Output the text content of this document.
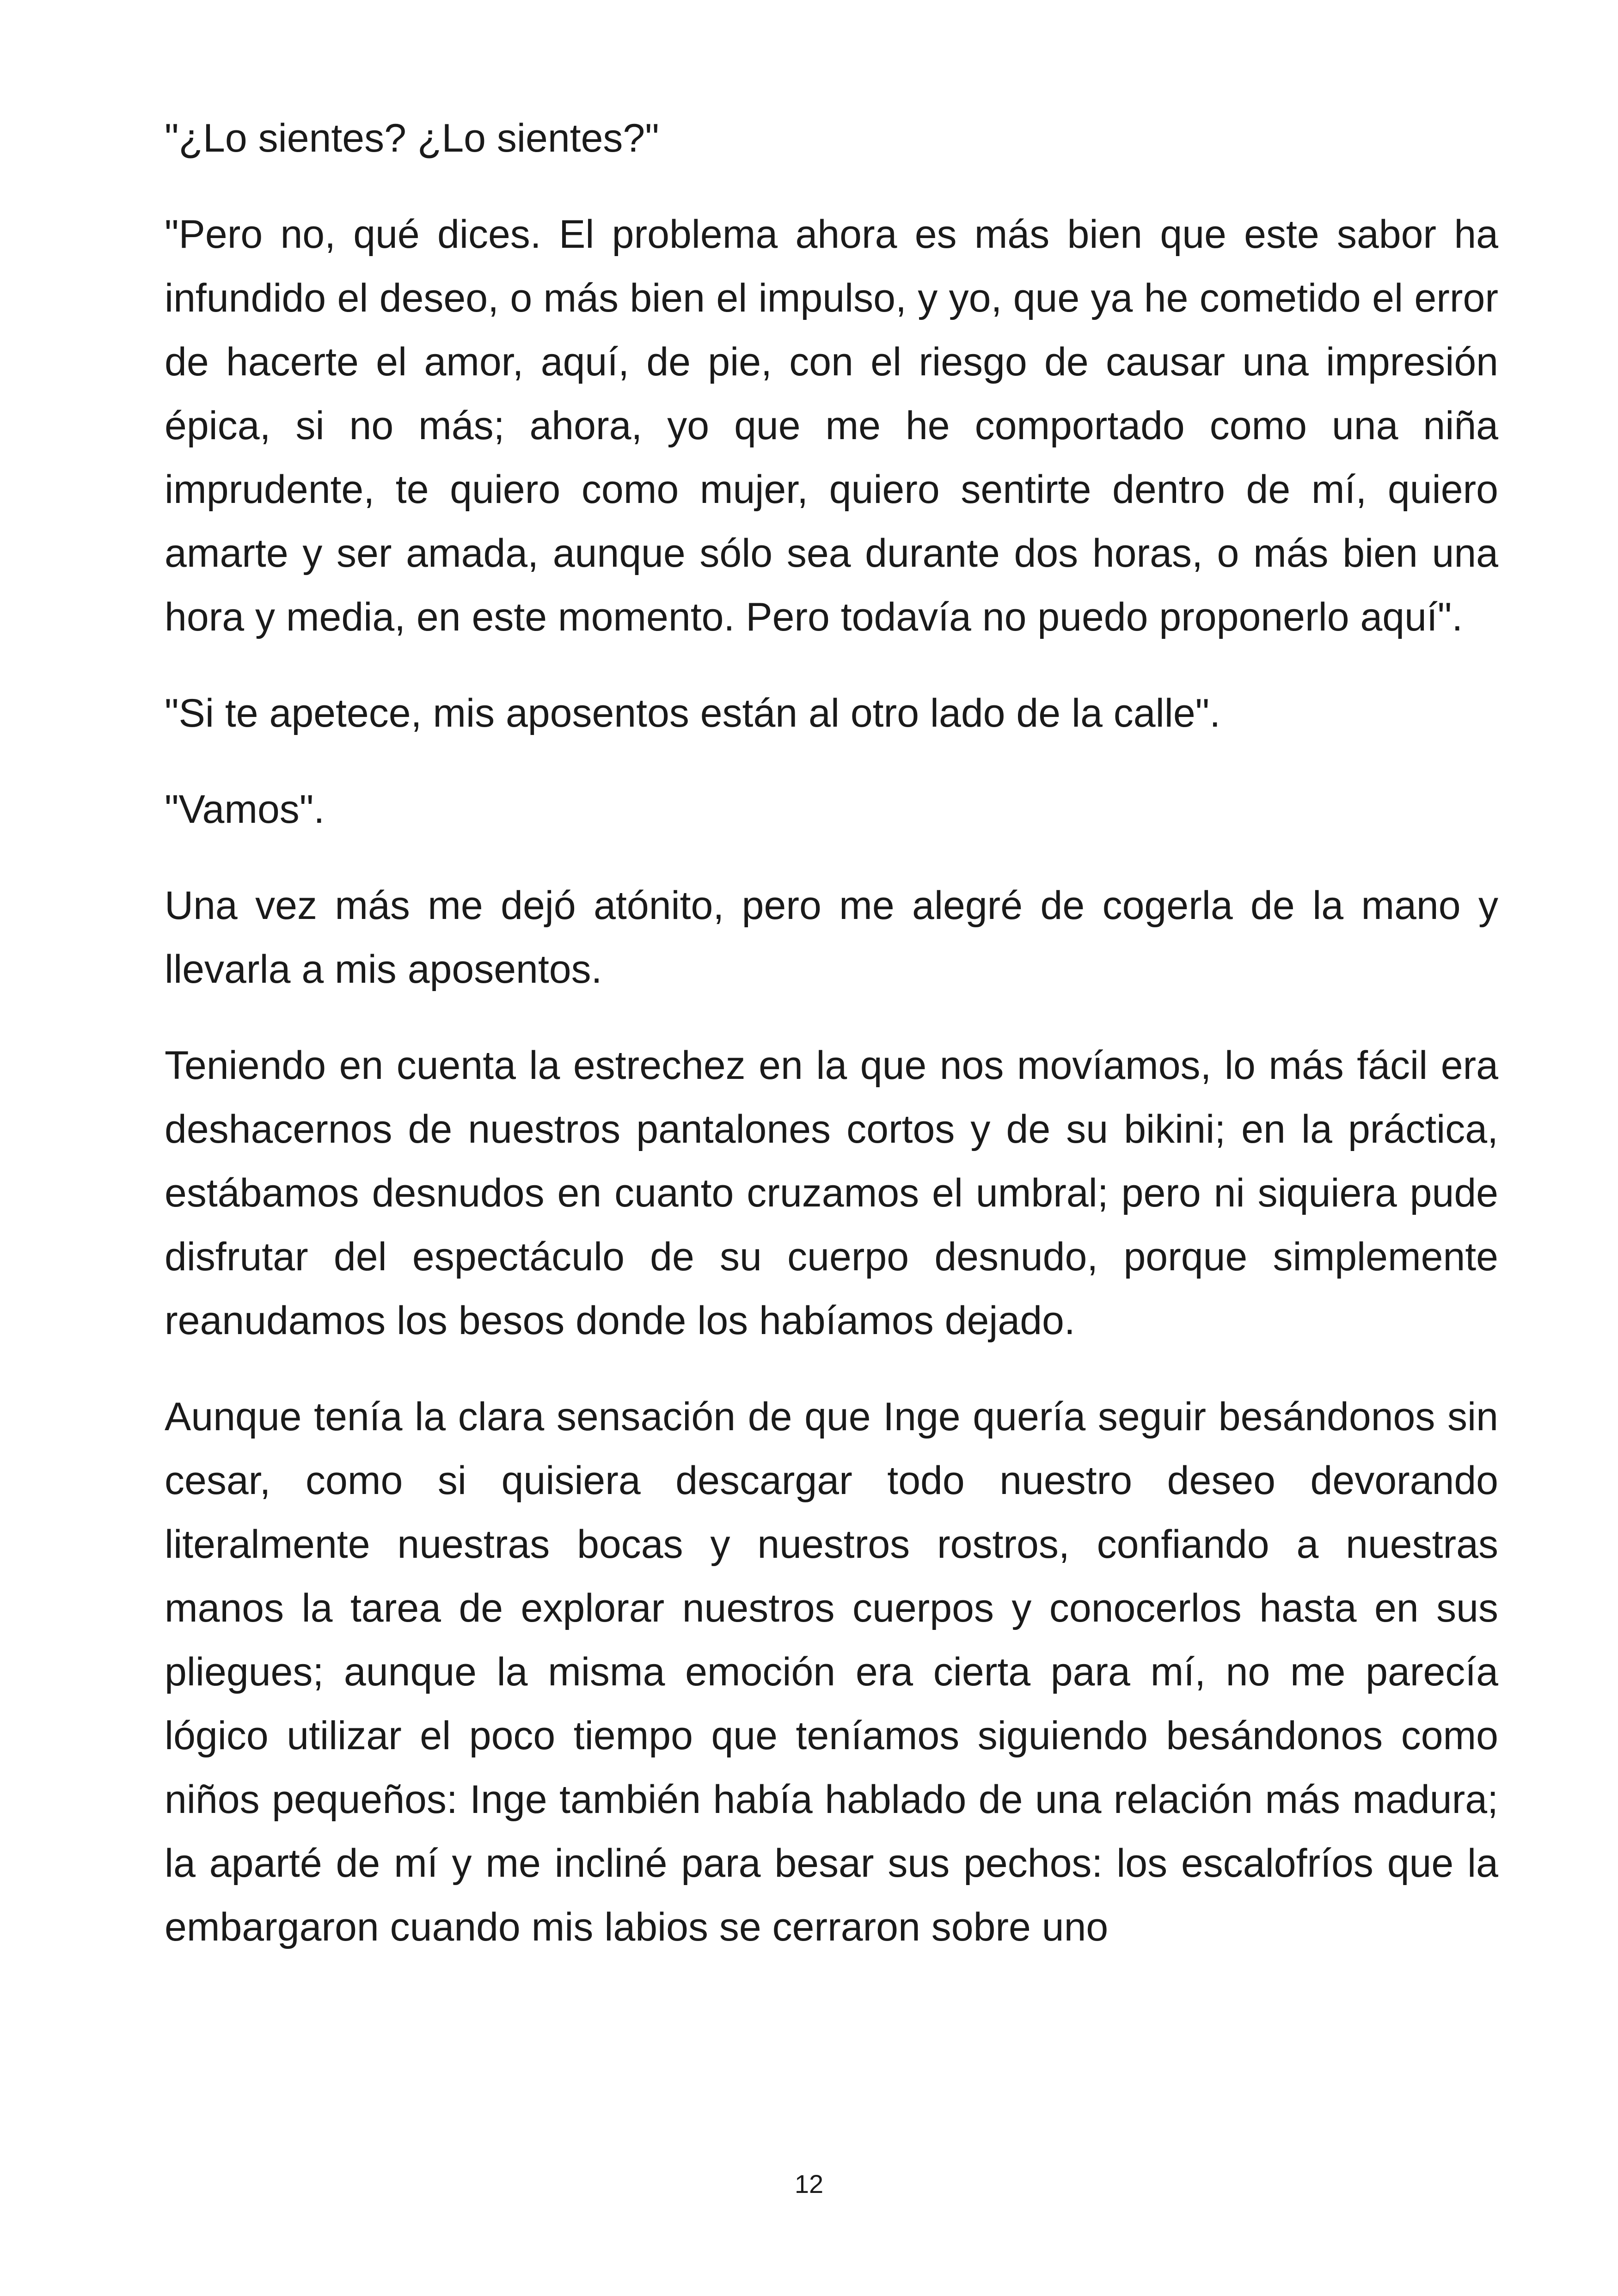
"¿Lo sientes? ¿Lo sientes?"

"Pero no, qué dices. El problema ahora es más bien que este sabor ha infundido el deseo, o más bien el impulso, y yo, que ya he cometido el error de hacerte el amor, aquí, de pie, con el riesgo de causar una impresión épica, si no más; ahora, yo que me he comportado como una niña imprudente, te quiero como mujer, quiero sentirte dentro de mí, quiero amarte y ser amada, aunque sólo sea durante dos horas, o más bien una hora y media, en este momento. Pero todavía no puedo proponerlo aquí".

"Si te apetece, mis aposentos están al otro lado de la calle".

"Vamos".

Una vez más me dejó atónito, pero me alegré de cogerla de la mano y llevarla a mis aposentos.

Teniendo en cuenta la estrechez en la que nos movíamos, lo más fácil era deshacernos de nuestros pantalones cortos y de su bikini; en la práctica, estábamos desnudos en cuanto cruzamos el umbral; pero ni siquiera pude disfrutar del espectáculo de su cuerpo desnudo, porque simplemente reanudamos los besos donde los habíamos dejado.

Aunque tenía la clara sensación de que Inge quería seguir besándonos sin cesar, como si quisiera descargar todo nuestro deseo devorando literalmente nuestras bocas y nuestros rostros, confiando a nuestras manos la tarea de explorar nuestros cuerpos y conocerlos hasta en sus pliegues; aunque la misma emoción era cierta para mí, no me parecía lógico utilizar el poco tiempo que teníamos siguiendo besándonos como niños pequeños: Inge también había hablado de una relación más madura; la aparté de mí y me incliné para besar sus pechos: los escalofríos que la embargaron cuando mis labios se cerraron sobre uno

12
